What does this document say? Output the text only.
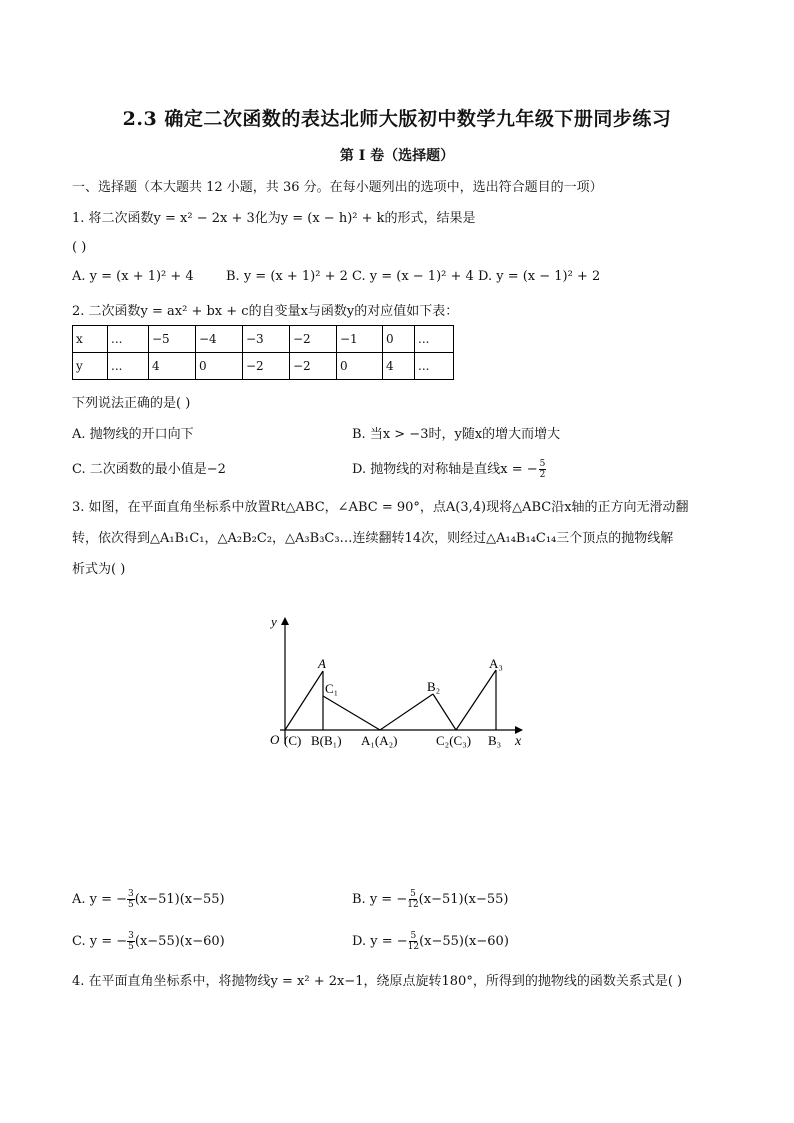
2.3 确定二次函数的表达北师大版初中数学九年级下册同步练习
第 I 卷（选择题）
一、选择题（本大题共 12 小题，共 36 分。在每小题列出的选项中，选出符合题目的一项）
1. 将二次函数y = x² − 2x + 3化为y = (x − h)² + k的形式，结果是
( )
A. y = (x + 1)² + 4 B. y = (x + 1)² + 2 C. y = (x − 1)² + 4 D. y = (x − 1)² + 2
2. 二次函数y = ax² + bx + c的自变量x与函数y的对应值如下表：
x	...	−5	−4	−3	−2	−1	0	...
y	...	4	0	−2	−2	0	4	...
下列说法正确的是( )
A. 抛物线的开口向下	B. 当x > −3时，y随x的增大而增大
C. 二次函数的最小值是−2	D. 抛物线的对称轴是直线x = − $\frac{5}{2}$
3. 如图，在平面直角坐标系中放置Rt△ABC，∠ABC = 90°，点A(3,4)现将△ABC沿x轴的正方向无滑动翻
转，依次得到△A₁B₁C₁，△A₂B₂C₂，△A₃B₃C₃…连续翻转14次，则经过△A₁₄B₁₄C₁₄三个顶点的抛物线解
析式为( )
y
x
A
C₁	B₂
A₃
O (C) B(B₁) A₁(A₂)	C₂(C₃) B₃
A. y = − $\frac{3}{5} (x-51)(x-55)$	B. y = − $\frac{5}{12} (x-51)(x-55)$
C. y = − $\frac{3}{5} (x-55)(x-60)$	D. y = − $\frac{5}{12} (x-55)(x-60)$
4. 在平面直角坐标系中，将抛物线y = x² + 2x−1，绕原点旋转180°，所得到的抛物线的函数关系式是( )
